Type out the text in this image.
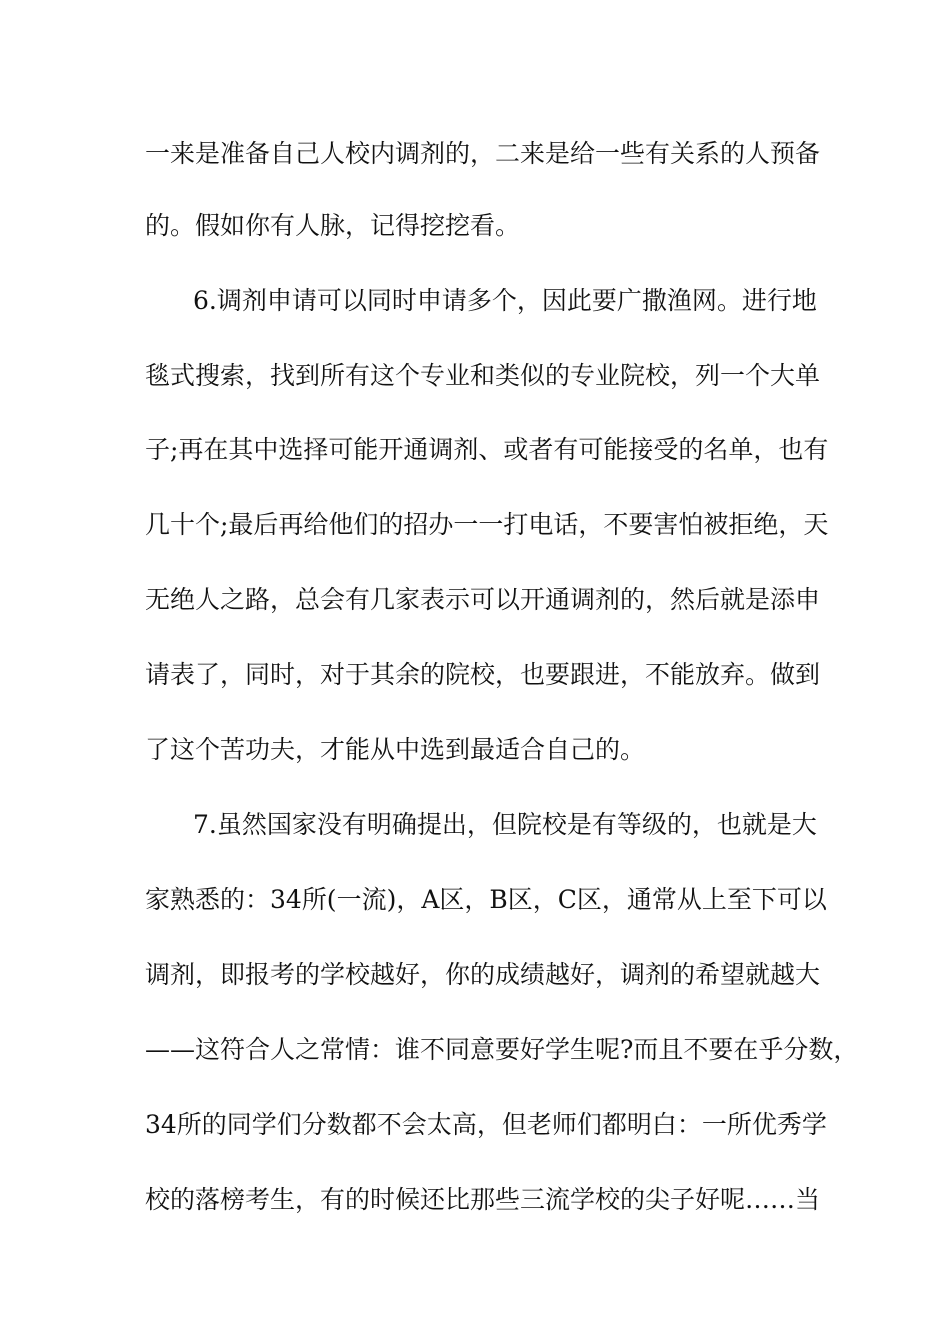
一来是准备自己人校内调剂的，二来是给一些有关系的人预备
的。假如你有人脉，记得挖挖看。
6.调剂申请可以同时申请多个，因此要广撒渔网。进行地
毯式搜索，找到所有这个专业和类似的专业院校，列一个大单
子;再在其中选择可能开通调剂、或者有可能接受的名单，也有
几十个;最后再给他们的招办一一打电话，不要害怕被拒绝，天
无绝人之路，总会有几家表示可以开通调剂的，然后就是添申
请表了，同时，对于其余的院校，也要跟进，不能放弃。做到
了这个苦功夫，才能从中选到最适合自己的。
7.虽然国家没有明确提出，但院校是有等级的，也就是大
家熟悉的：34所(一流)，A区，B区，C区，通常从上至下可以
调剂，即报考的学校越好，你的成绩越好，调剂的希望就越大
——这符合人之常情：谁不同意要好学生呢?而且不要在乎分数，
34所的同学们分数都不会太高，但老师们都明白：一所优秀学
校的落榜考生，有的时候还比那些三流学校的尖子好呢……当
